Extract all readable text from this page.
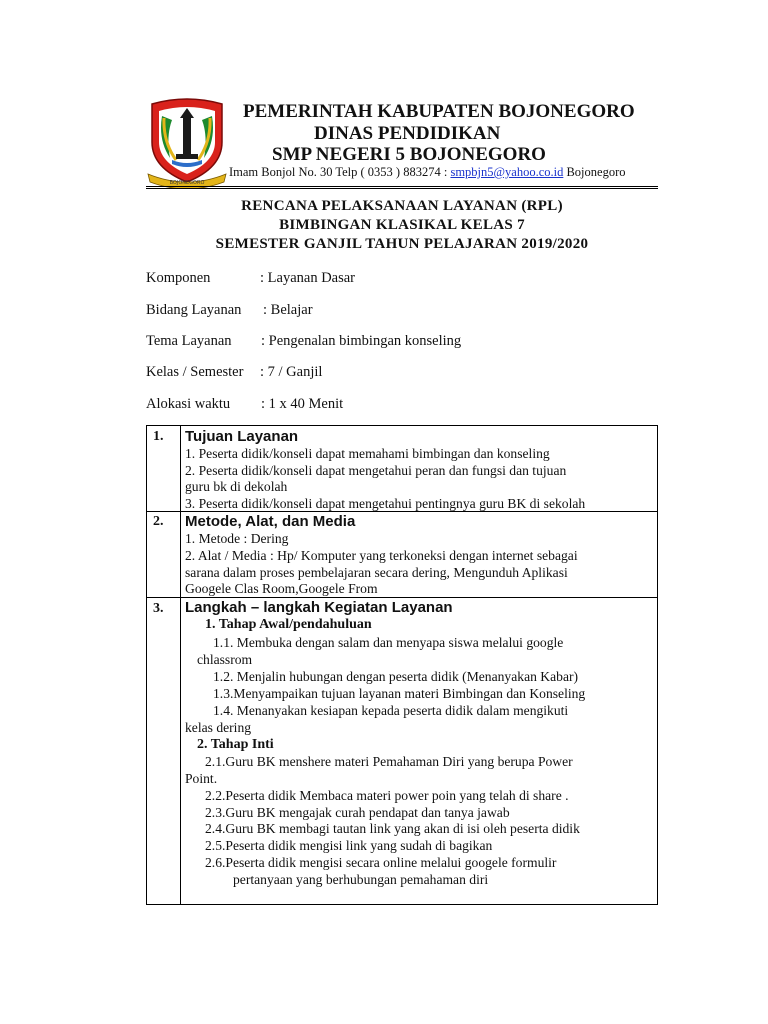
BOJONEGORO
PEMERINTAH KABUPATEN BOJONEGORO
DINAS PENDIDIKAN
SMP NEGERI 5 BOJONEGORO
Imam Bonjol No. 30 Telp ( 0353 ) 883274 : smpbjn5@yahoo.co.id Bojonegoro
RENCANA PELAKSANAAN LAYANAN (RPL)
BIMBINGAN KLASIKAL KELAS 7
SEMESTER GANJIL TAHUN PELAJARAN 2019/2020
Komponen	: Layanan Dasar
Bidang Layanan : Belajar
Tema Layanan : Pengenalan bimbingan konseling
Kelas / Semester : 7 / Ganjil
Alokasi waktu : 1 x 40 Menit
1. Tujuan Layanan
1. Peserta didik/konseli dapat memahami bimbingan dan konseling
2. Peserta didik/konseli dapat mengetahui peran dan fungsi dan tujuan
guru bk di dekolah
3. Peserta didik/konseli dapat mengetahui pentingnya guru BK di sekolah
2. Metode, Alat, dan Media
1. Metode : Dering
2. Alat / Media : Hp/ Komputer yang terkoneksi dengan internet sebagai
sarana dalam proses pembelajaran secara dering, Mengunduh Aplikasi
Googele Clas Room,Googele From
3. Langkah – langkah Kegiatan Layanan
1. Tahap Awal/pendahuluan
1.1. Membuka dengan salam dan menyapa siswa melalui google
chlassrom
1.2. Menjalin hubungan dengan peserta didik (Menanyakan Kabar)
1.3.Menyampaikan tujuan layanan materi Bimbingan dan Konseling
1.4. Menanyakan kesiapan kepada peserta didik dalam mengikuti
kelas dering
2. Tahap Inti
2.1.Guru BK menshere materi Pemahaman Diri yang berupa Power
Point.
2.2.Peserta didik Membaca materi power poin yang telah di share .
2.3.Guru BK mengajak curah pendapat dan tanya jawab
2.4.Guru BK membagi tautan link yang akan di isi oleh peserta didik
2.5.Peserta didik mengisi link yang sudah di bagikan
2.6.Peserta didik mengisi secara online melalui googele formulir
pertanyaan yang berhubungan pemahaman diri
